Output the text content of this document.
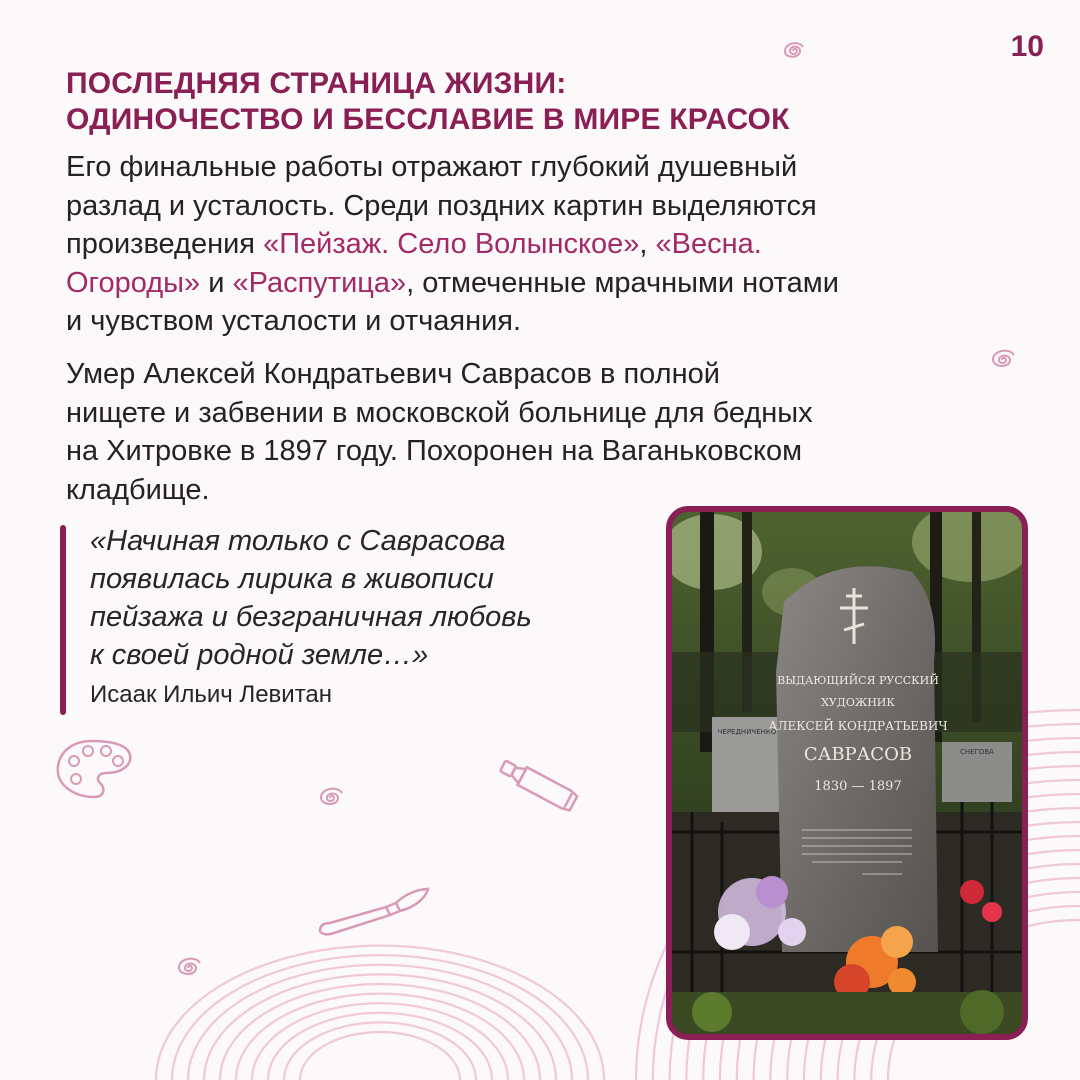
10
ПОСЛЕДНЯЯ СТРАНИЦА ЖИЗНИ:
ОДИНОЧЕСТВО И БЕССЛАВИЕ В МИРЕ КРАСОК
Его финальные работы отражают глубокий душевный
разлад и усталость. Среди поздних картин выделяются
произведения «Пейзаж. Село Волынское», «Весна.
Огороды» и «Распутица», отмеченные мрачными нотами
и чувством усталости и отчаяния.
Умер Алексей Кондратьевич Саврасов в полной
нищете и забвении в московской больнице для бедных
на Хитровке в 1897 году. Похоронен на Ваганьковском
кладбище.
«Начиная только с Саврасова
появилась лирика в живописи
пейзажа и безграничная любовь
к своей родной земле…»
Исаак Ильич Левитан
ВЫДАЮЩИЙСЯ РУССКИЙ
ХУДОЖНИК
АЛЕКСЕЙ КОНДРАТЬЕВИЧ
САВРАСОВ
1830 — 1897
ЧЕРЕДНИЧЕНКО
СНЕГОВА
